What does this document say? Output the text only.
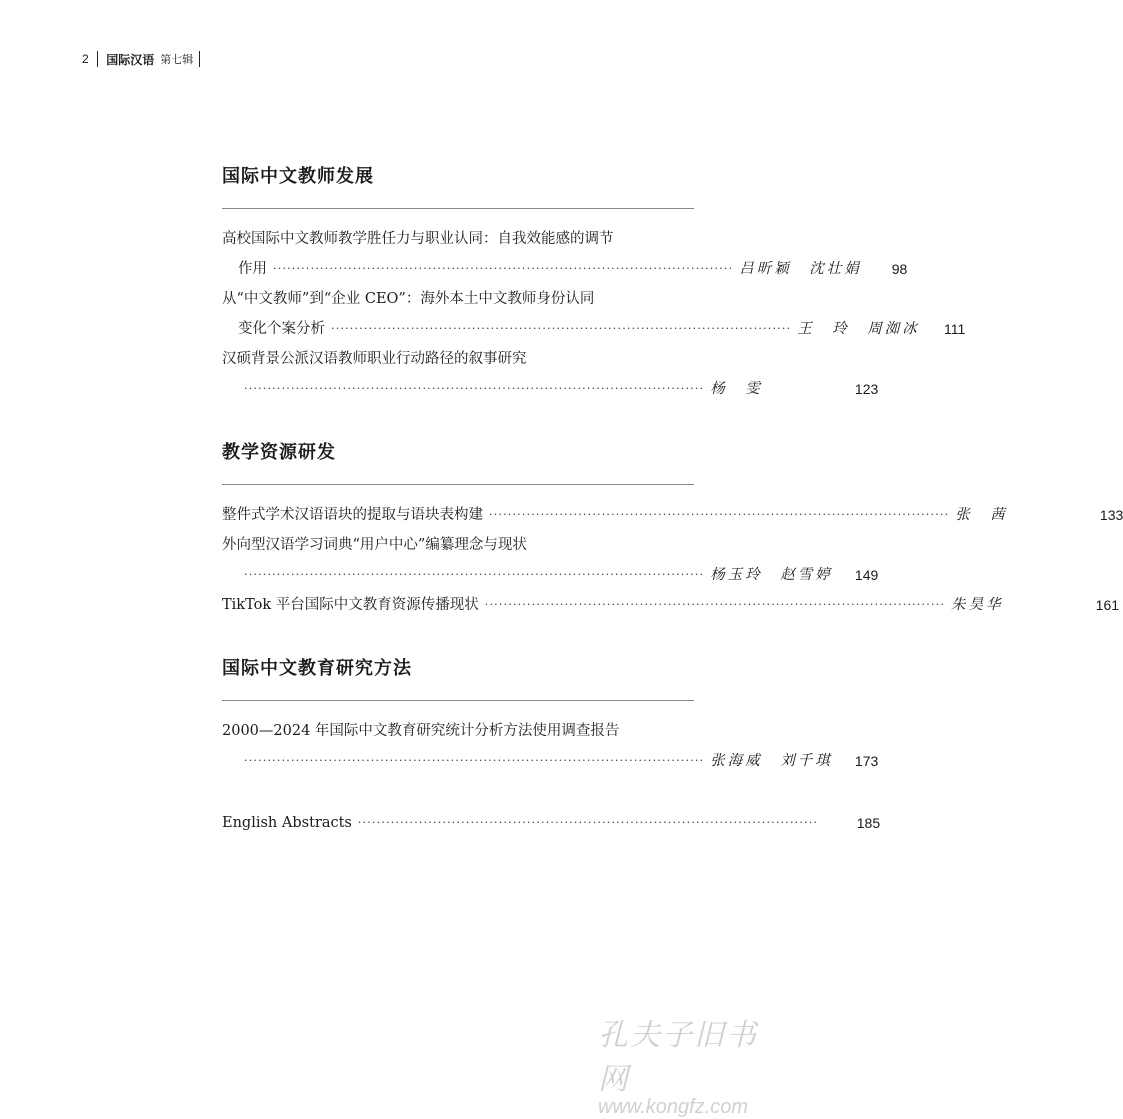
2 国际汉语 第七辑
国际中文教师发展
高校国际中文教师教学胜任力与职业认同：自我效能感的调节
作用 ·································································································· 吕昕颖　沈壮娟	98
从“中文教师”到“企业 CEO”：海外本土中文教师身份认同
变化个案分析 ·································································································· 王　玲　周洳冰	111
汉硕背景公派汉语教师职业行动路径的叙事研究
·································································································· 杨　雯	123
教学资源研发
整件式学术汉语语块的提取与语块表构建 ·································································································· 张　茜	133
外向型汉语学习词典“用户中心”编纂理念与现状
·································································································· 杨玉玲　赵雪婷	149
TikTok 平台国际中文教育资源传播现状 ·································································································· 朱昊华	161
国际中文教育研究方法
2000—2024 年国际中文教育研究统计分析方法使用调查报告
·································································································· 张海威　刘千琪	173
English Abstracts ··································································································	185
孔夫子旧书网
www.kongfz.com
